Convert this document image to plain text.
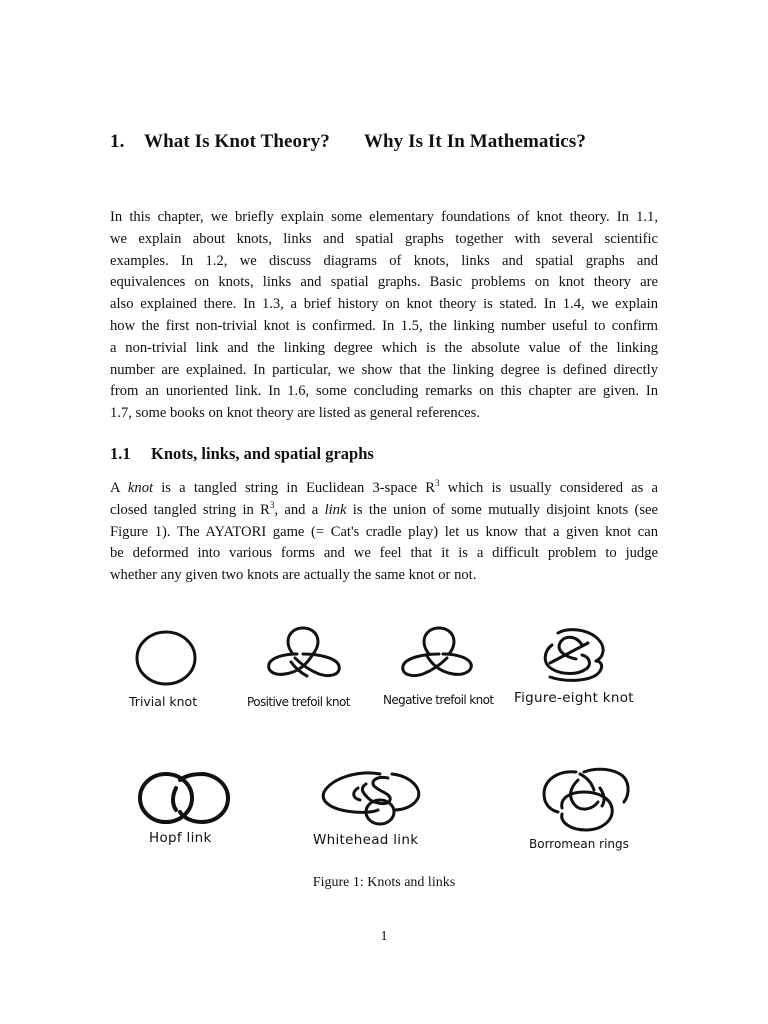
1. What Is Knot Theory? Why Is It In Mathematics?
In this chapter, we briefly explain some elementary foundations of knot theory. In 1.1,
we explain about knots, links and spatial graphs together with several scientific
examples. In 1.2, we discuss diagrams of knots, links and spatial graphs and
equivalences on knots, links and spatial graphs. Basic problems on knot theory are
also explained there. In 1.3, a brief history on knot theory is stated. In 1.4, we explain
how the first non-trivial knot is confirmed. In 1.5, the linking number useful to confirm
a non-trivial link and the linking degree which is the absolute value of the linking
number are explained. In particular, we show that the linking degree is defined directly
from an unoriented link. In 1.6, some concluding remarks on this chapter are given. In
1.7, some books on knot theory are listed as general references.
1.1 Knots, links, and spatial graphs
A knot is a tangled string in Euclidean 3-space $R^3$ which is usually considered as a
closed tangled string in $R^3$, and a link is the union of some mutually disjoint knots (see
Figure 1). The AYATORI game (= Cat's cradle play) let us know that a given knot can
be deformed into various forms and we feel that it is a difficult problem to judge
whether any given two knots are actually the same knot or not.
Trivial knot	Positive trefoil knot	Negative trefoil knot Figure-eight knot
Hopf link	Whitehead link	Borromean rings
Figure 1: Knots and links
1
